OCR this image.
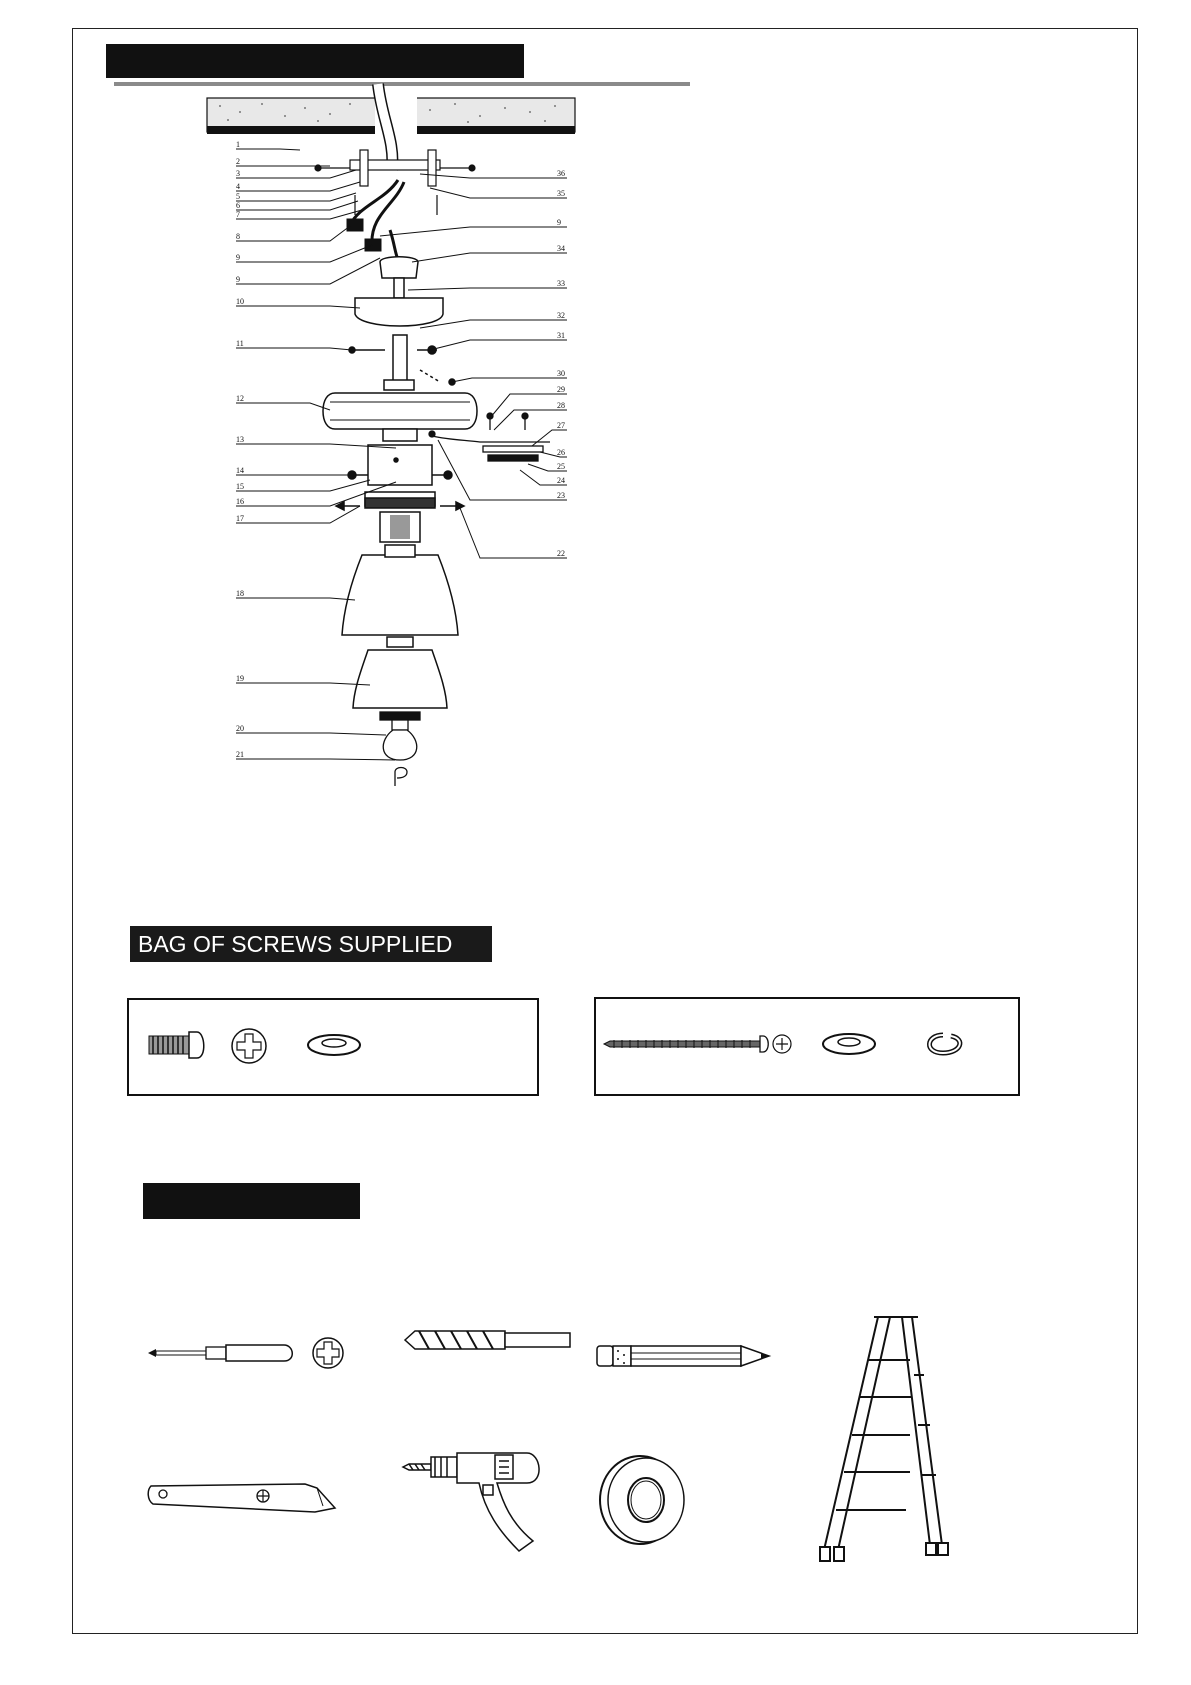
1
2
3
4
5
6
7
8
9
9
10
11
12
13
14
15
16
17
18
19
20
21
36
35
9
34
33
32
31
30
29
28
27
26
25
24
23
22
BAG OF SCREWS SUPPLIED
